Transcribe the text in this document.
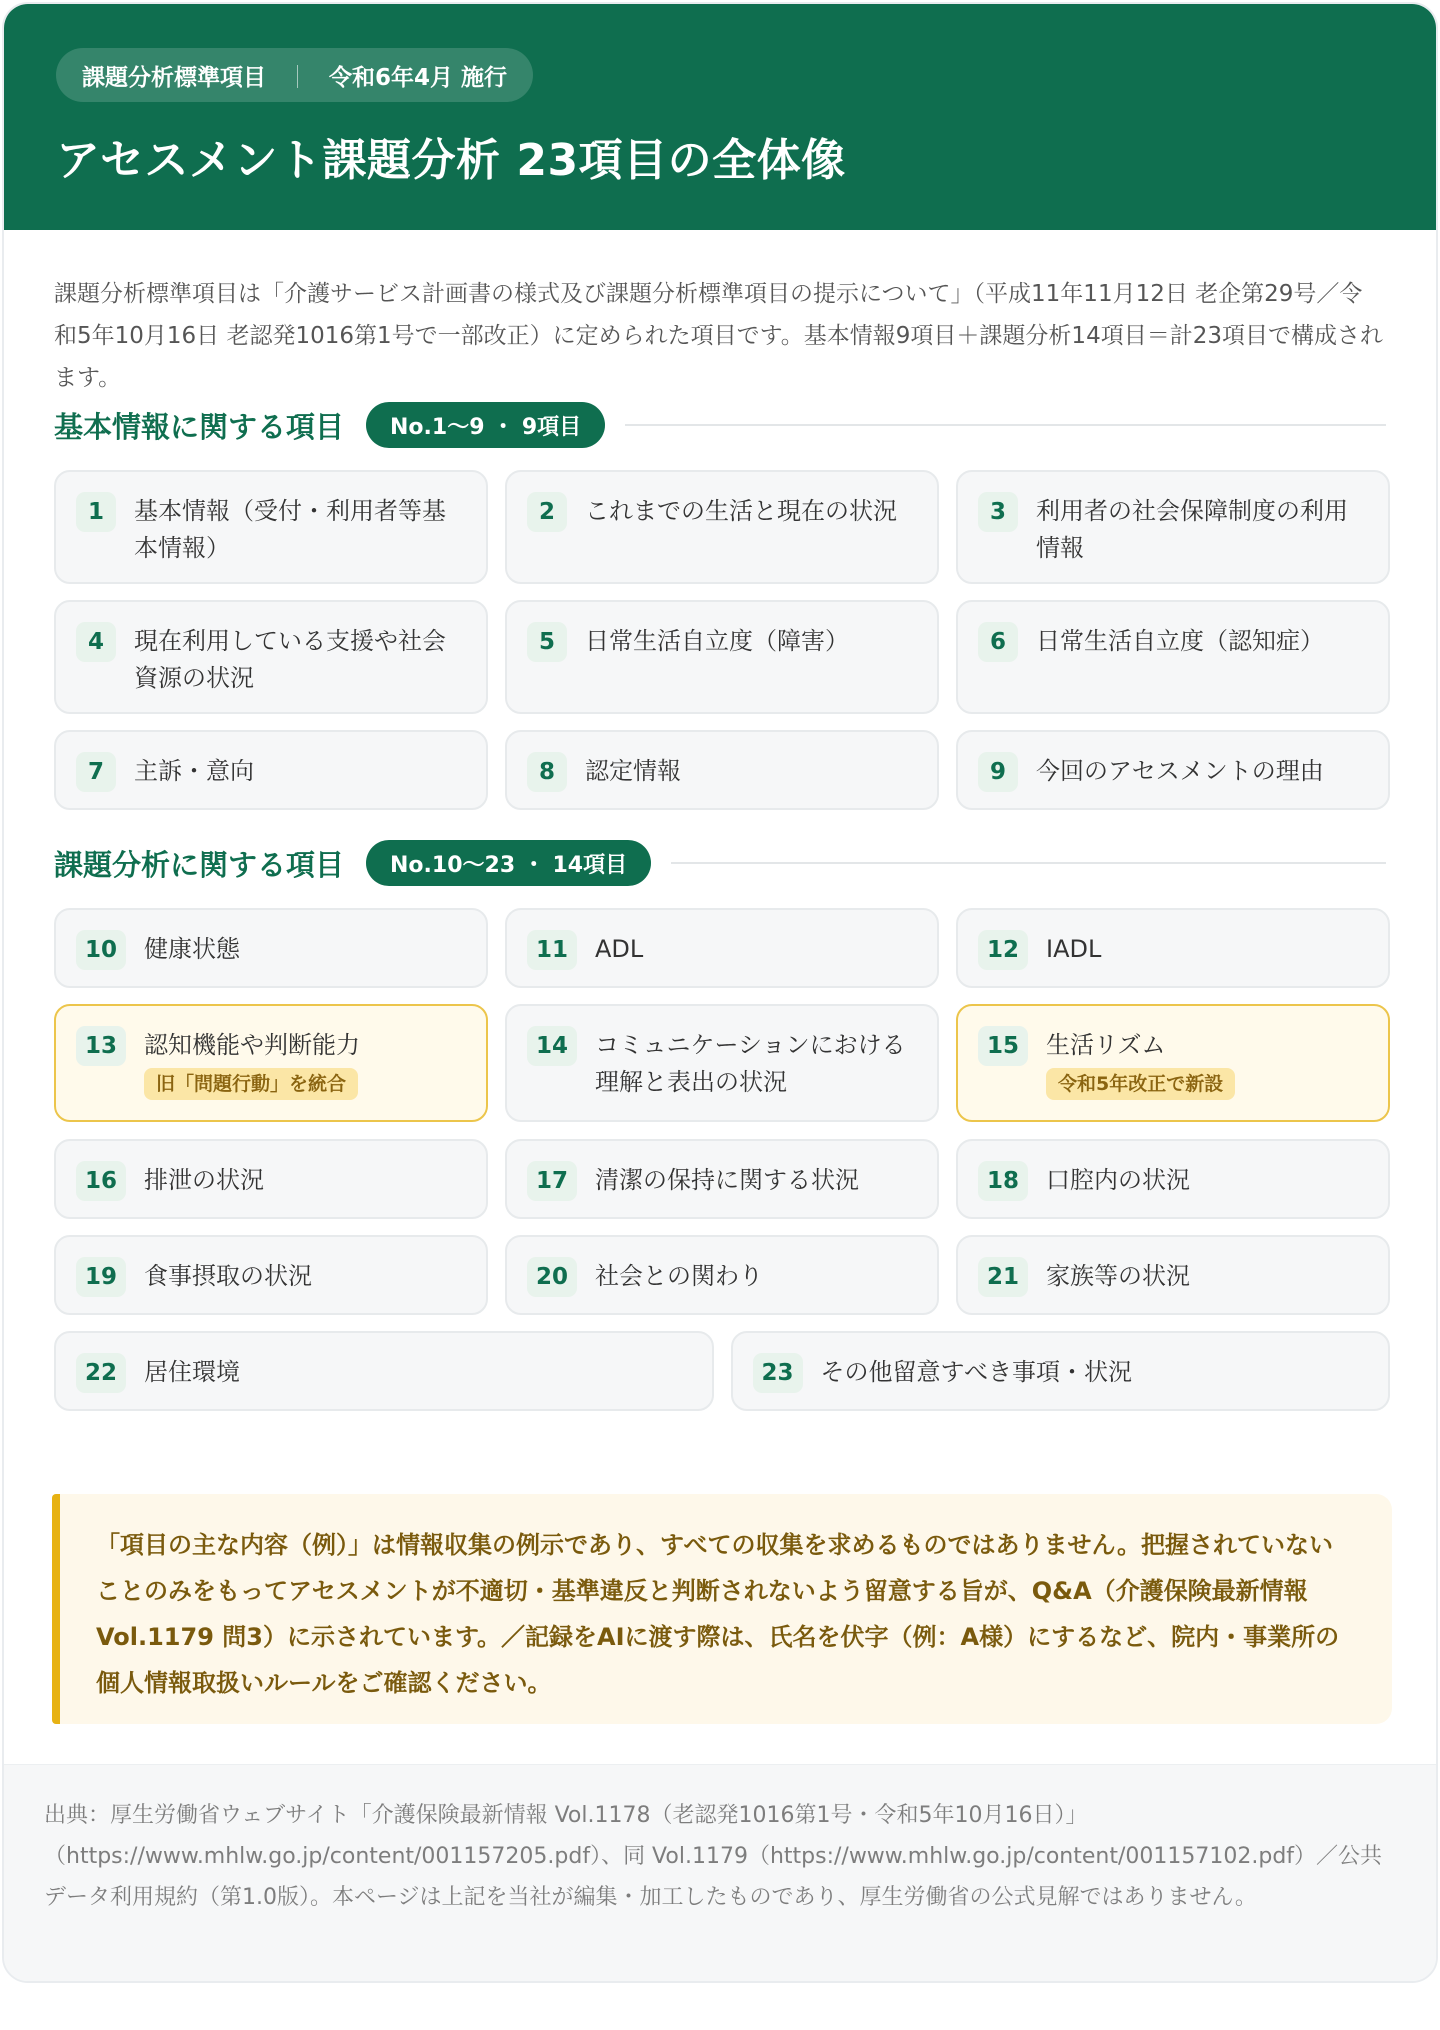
課題分析標準項目 ｜ 令和6年4月 施行
アセスメント課題分析 23項目の全体像
課題分析標準項目は「介護サービス計画書の様式及び課題分析標準項目の提示について」（平成11年11月12日 老企第29号／令和5年10月16日 老認発1016第1号で一部改正）に定められた項目です。基本情報9項目＋課題分析14項目＝計23項目で構成されます。
基本情報に関する項目	No.1〜9 ・ 9項目
1	基本情報（受付・利用者等基本情報）
2	これまでの生活と現在の状況	3	利用者の社会保障制度の利用情報
4	現在利用している支援や社会資源の状況
5	日常生活自立度（障害）	6	日常生活自立度（認知症）
7	主訴・意向	8	認定情報	9	今回のアセスメントの理由
課題分析に関する項目	No.10〜23 ・ 14項目
10	健康状態	11	ADL	12	IADL
13	認知機能や判断能力
旧「問題行動」を統合
14	コミュニケーションにおける理解と表出の状況
15	生活リズム
令和5年改正で新設
16	排泄の状況	17	清潔の保持に関する状況	18	口腔内の状況
19	食事摂取の状況	20	社会との関わり	21	家族等の状況
22	居住環境	23	その他留意すべき事項・状況
「項目の主な内容（例）」は情報収集の例示であり、すべての収集を求めるものではありません。把握されていないことのみをもってアセスメントが不適切・基準違反と判断されないよう留意する旨が、Q&A（介護保険最新情報 Vol.1179 問3）に示されています。／記録をAIに渡す際は、氏名を伏字（例：A様）にするなど、院内・事業所の個人情報取扱いルールをご確認ください。
出典：厚生労働省ウェブサイト「介護保険最新情報 Vol.1178（老認発1016第1号・令和5年10月16日）」（https://www.mhlw.go.jp/content/001157205.pdf）、同 Vol.1179（https://www.mhlw.go.jp/content/001157102.pdf）／公共データ利用規約（第1.0版）。本ページは上記を当社が編集・加工したものであり、厚生労働省の公式見解ではありません。
